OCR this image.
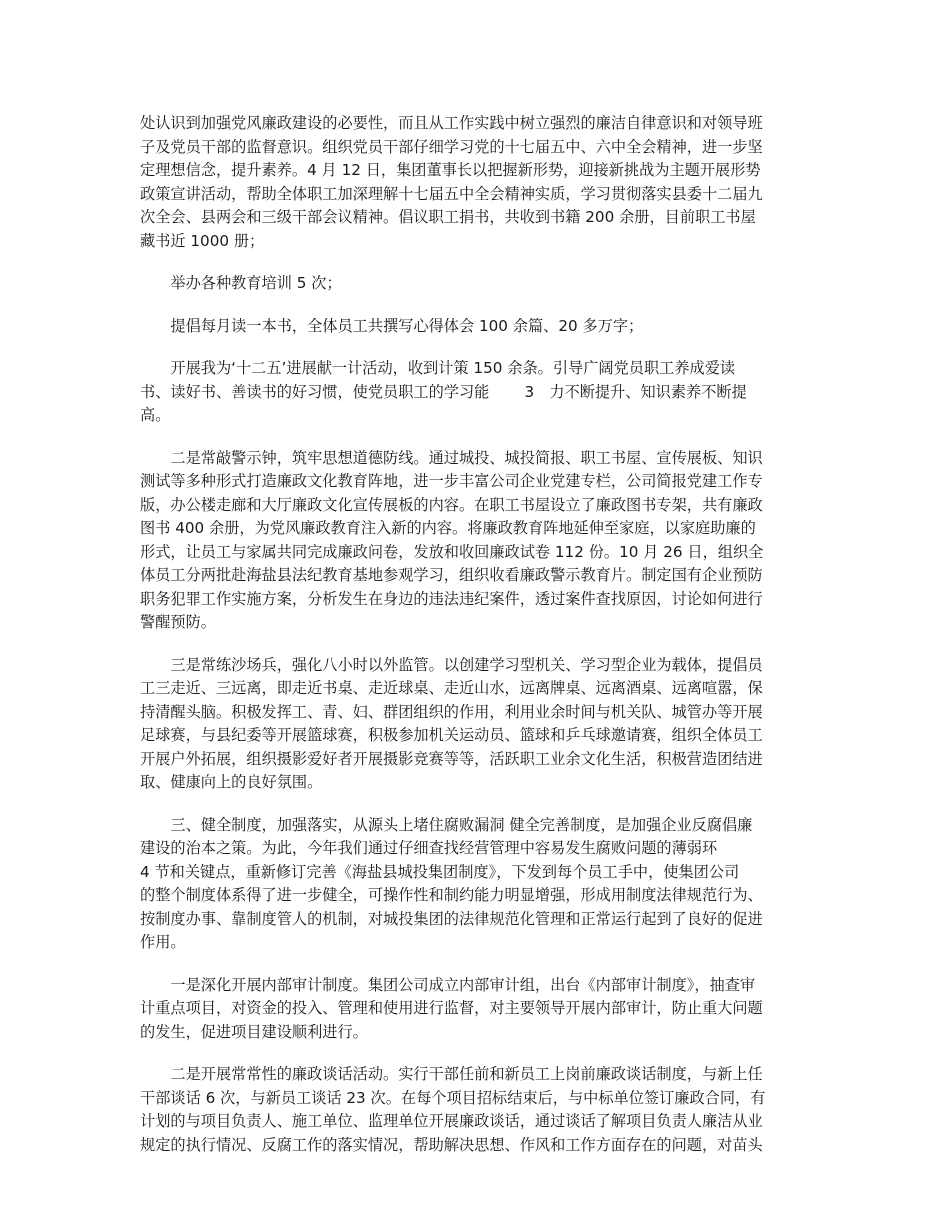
处认识到加强党风廉政建设的必要性，而且从工作实践中树立强烈的廉洁自律意识和对领导班
子及党员干部的监督意识。组织党员干部仔细学习党的十七届五中、六中全会精神，进一步坚
定理想信念，提升素养。4 月 12 日，集团董事长以把握新形势，迎接新挑战为主题开展形势
政策宣讲活动，帮助全体职工加深理解十七届五中全会精神实质，学习贯彻落实县委十二届九
次全会、县两会和三级干部会议精神。倡议职工捐书，共收到书籍 200 余册，目前职工书屋
藏书近 1000 册；

举办各种教育培训 5 次；

提倡每月读一本书，全体员工共撰写心得体会 100 余篇、20 多万字；

开展我为‘十二五’进展献一计活动，收到计策 150 余条。引导广阔党员职工养成爱读
书、读好书、善读书的好习惯，使党员职工的学习能　　 3　力不断提升、知识素养不断提
高。

二是常敲警示钟，筑牢思想道德防线。通过城投、城投简报、职工书屋、宣传展板、知识
测试等多种形式打造廉政文化教育阵地，进一步丰富公司企业党建专栏，公司简报党建工作专
版，办公楼走廊和大厅廉政文化宣传展板的内容。在职工书屋设立了廉政图书专架，共有廉政
图书 400 余册，为党风廉政教育注入新的内容。将廉政教育阵地延伸至家庭，以家庭助廉的
形式，让员工与家属共同完成廉政问卷，发放和收回廉政试卷 112 份。10 月 26 日，组织全
体员工分两批赴海盐县法纪教育基地参观学习，组织收看廉政警示教育片。制定国有企业预防
职务犯罪工作实施方案，分析发生在身边的违法违纪案件，透过案件查找原因，讨论如何进行
警醒预防。

三是常练沙场兵，强化八小时以外监管。以创建学习型机关、学习型企业为载体，提倡员
工三走近、三远离，即走近书桌、走近球桌、走近山水，远离牌桌、远离酒桌、远离喧嚣，保
持清醒头脑。积极发挥工、青、妇、群团组织的作用，利用业余时间与机关队、城管办等开展
足球赛，与县纪委等开展篮球赛，积极参加机关运动员、篮球和乒乓球邀请赛，组织全体员工
开展户外拓展，组织摄影爱好者开展摄影竞赛等等，活跃职工业余文化生活，积极营造团结进
取、健康向上的良好氛围。

三、健全制度，加强落实，从源头上堵住腐败漏洞 健全完善制度，是加强企业反腐倡廉
建设的治本之策。为此，今年我们通过仔细查找经营管理中容易发生腐败问题的薄弱环
4 节和关键点，重新修订完善《海盐县城投集团制度》，下发到每个员工手中，使集团公司
的整个制度体系得了进一步健全，可操作性和制约能力明显增强，形成用制度法律规范行为、
按制度办事、靠制度管人的机制，对城投集团的法律规范化管理和正常运行起到了良好的促进
作用。

一是深化开展内部审计制度。集团公司成立内部审计组，出台《内部审计制度》，抽查审
计重点项目，对资金的投入、管理和使用进行监督，对主要领导开展内部审计，防止重大问题
的发生，促进项目建设顺利进行。

二是开展常常性的廉政谈话活动。实行干部任前和新员工上岗前廉政谈话制度，与新上任
干部谈话 6 次，与新员工谈话 23 次。在每个项目招标结束后，与中标单位签订廉政合同，有
计划的与项目负责人、施工单位、监理单位开展廉政谈话，通过谈话了解项目负责人廉洁从业
规定的执行情况、反腐工作的落实情况，帮助解决思想、作风和工作方面存在的问题，对苗头
